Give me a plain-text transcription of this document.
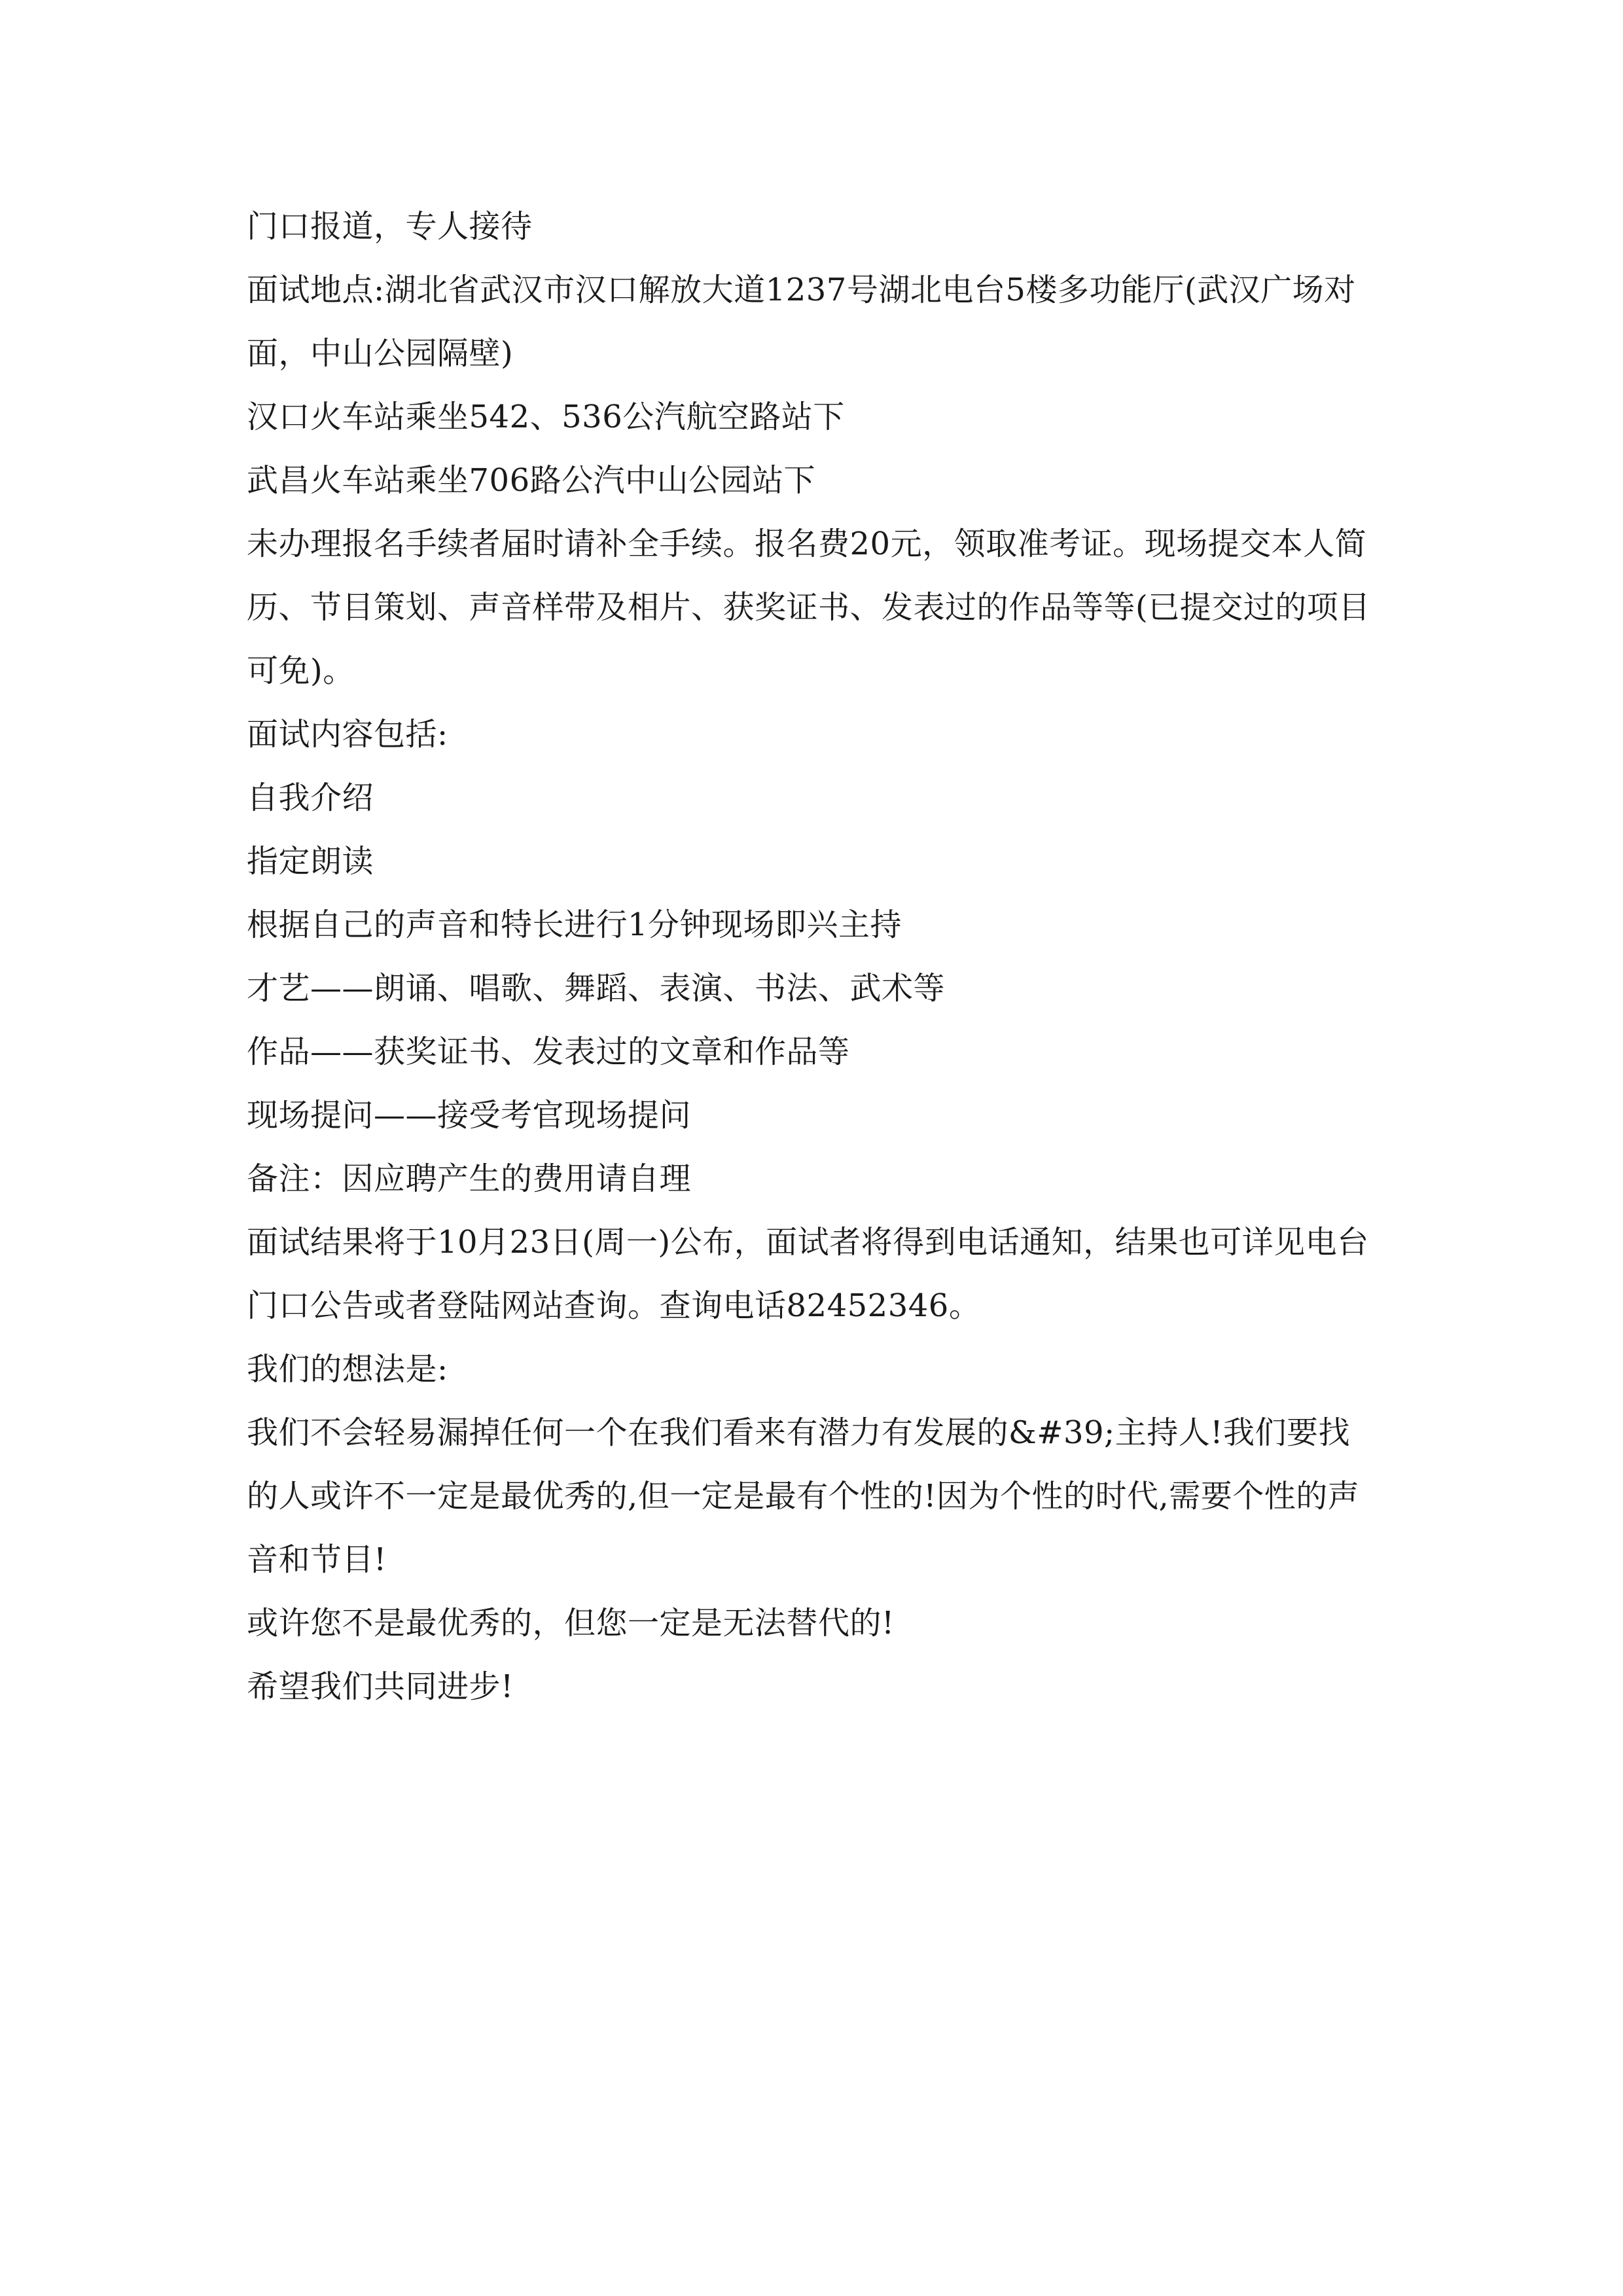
门口报道，专人接待

面试地点:湖北省武汉市汉口解放大道1237号湖北电台5楼多功能厅(武汉广场对面，中山公园隔壁)

汉口火车站乘坐542、536公汽航空路站下

武昌火车站乘坐706路公汽中山公园站下

未办理报名手续者届时请补全手续。报名费20元，领取准考证。现场提交本人简历、节目策划、声音样带及相片、获奖证书、发表过的作品等等(已提交过的项目可免)。

面试内容包括:

自我介绍

指定朗读

根据自己的声音和特长进行1分钟现场即兴主持

才艺——朗诵、唱歌、舞蹈、表演、书法、武术等

作品——获奖证书、发表过的文章和作品等

现场提问——接受考官现场提问

备注：因应聘产生的费用请自理

面试结果将于10月23日(周一)公布，面试者将得到电话通知，结果也可详见电台门口公告或者登陆网站查询。查询电话82452346。

我们的想法是:

我们不会轻易漏掉任何一个在我们看来有潜力有发展的&#39;主持人!我们要找的人或许不一定是最优秀的,但一定是最有个性的!因为个性的时代,需要个性的声音和节目!

或许您不是最优秀的，但您一定是无法替代的!

希望我们共同进步!
